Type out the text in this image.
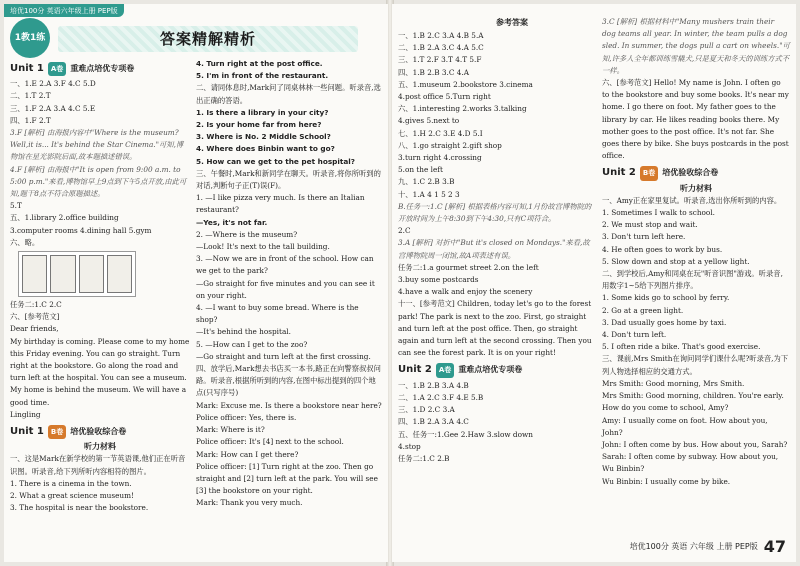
培优100分 英语六年级上册 PEP版
1教1练	答案精解精析
Unit 1	A卷 重难点培优专项卷

一、1.E 2.A 3.F 4.C 5.D

二、1.T 2.T

三、1.F 2.A 3.A 4.C 5.E

四、1.F 2.T

3.F [解析] 由海报内容中"Where is the museum?

Well,it is... It's behind the Star Cinema."可知,博物馆在星光影院后面,故本题描述错误。

4.F [解析] 由海报中"It is open from 9:00 a.m. to 5:00 p.m."来看,博物馆早上9点到下午5点开放,由此可知,题干8点不符合原题描述。

5.T

五、1.library 2.office building

3.computer rooms 4.dining hall 5.gym

六、略。

任务二:1.C 2.C

六、[参考范文]

Dear friends,

My birthday is coming. Please come to my home this Friday evening. You can go straight. Turn right at the bookstore. Go along the road and turn left at the hospital. You can see a museum. My home is behind the museum. We will have a good time.

Lingling

Unit 1	B卷 培优验收综合卷
听力材料

一、这是Mark在新学校的第一节英语课,他们正在听音识图。听录音,给下列所听内容相符的图片。

1. There is a cinema in the town.

2. What a great science museum!

3. The hospital is near the bookstore.

4. Turn right at the post office.

5. I'm in front of the restaurant.

二、请同体息时,Mark问了同桌林林一些问题。听录音,选出正确的答语。

1. Is there a library in your city?

2. Is your home far from here?

3. Where is No. 2 Middle School?

4. Where does Binbin want to go?

5. How can we get to the pet hospital?

三、午餐时,Mark和新同学在聊天。听录音,将你所听到的对话,判断句子正(T)误(F)。

1. —I like pizza very much. Is there an Italian restaurant?

—Yes, it's not far.

2. —Where is the museum?

—Look! It's next to the tall building.

3. —Now we are in front of the school. How can we get to the park?

—Go straight for five minutes and you can see it on your right.

4. —I want to buy some bread. Where is the shop?

—It's behind the hospital.

5. —How can I get to the zoo?

—Go straight and turn left at the first crossing.

四、放学后,Mark想去书店买一本书,路正在向警察叔叔问路。听录音,根据所听到的内容,在图中标出提到的四个地点(只写序号)

Mark: Excuse me. Is there a bookstore near here?

Police officer: Yes, there is.

Mark: Where is it?

Police officer: It's [4] next to the school.

Mark: How can I get there?

Police officer: [1] Turn right at the zoo. Then go straight and [2] turn left at the park. You will see [3] the bookstore on your right.

Mark: Thank you very much.

参考答案

一、1.B 2.C 3.A 4.B 5.A

二、1.B 2.A 3.C 4.A 5.C

三、1.T 2.F 3.T 4.T 5.F

四、1.B 2.B 3.C 4.A

五、1.museum 2.bookstore 3.cinema

4.post office 5.Turn right

六、1.interesting 2.works 3.talking

4.gives 5.next to

七、1.H 2.C 3.E 4.D 5.I

八、1.go straight 2.gift shop

3.turn right 4.crossing

5.on the left

九、1.C 2.B 3.B

十、1.A 4 1 5 2 3

B.任务一:1.C [解析] 根据表格内容可知,1月份故宫博物院的开放时间为上午8:30到下午4:30,只有C项符合。

2.C

3.A [解析] 对折中"But it's closed on Mondays."来看,故宫博物院周一闭馆,故A项表述有误。

任务二:1.a gourmet street 2.on the left

3.buy some postcards

4.have a walk and enjoy the scenery

十一、[参考范文] Children, today let's go to the forest park! The park is next to the zoo. First, go straight and turn left at the post office. Then, go straight again and turn left at the second crossing. Then you can see the forest park. It is on your right!

Unit 2	A卷 重难点培优专项卷

一、1.B 2.B 3.A 4.B

二、1.A 2.C 3.F 4.E 5.B

三、1.D 2.C 3.A

四、1.B 2.A 3.A 4.C

五、任务一:1.Gee 2.Haw 3.slow down

4.stop

任务二:1.C 2.B

3.C [解析] 根据材料中"Many mushers train their dog teams all year. In winter, the team pulls a dog sled. In summer, the dogs pull a cart on wheels."可知,许多人全年都训练雪橇犬,只是夏天和冬天的训练方式不一样。

六、[参考范文] Hello! My name is John. I often go to the bookstore and buy some books. It's near my home. I go there on foot. My father goes to the library by car. He likes reading books there. My mother goes to the post office. It's not far. She goes there by bike. She buys postcards in the post office.

Unit 2	B卷 培优验收综合卷
听力材料

一、Amy正在家里复试。听录音,选出你所听到的内容。

1. Sometimes I walk to school.

2. We must stop and wait.

3. Don't turn left here.

4. He often goes to work by bus.

5. Slow down and stop at a yellow light.

二、到学校后,Amy和同桌在玩"听音识图"游戏。听录音,用数字1~5给下列图片排序。

1. Some kids go to school by ferry.

2. Go at a green light.

3. Dad usually goes home by taxi.

4. Don't turn left.

5. I often ride a bike. That's good exercise.

三、课前,Mrs Smith在询问同学们课什么呢?听录音,为下列人物选择相应的交通方式。

Mrs Smith: Good morning, Mrs Smith.

Mrs Smith: Good morning, children. You're early. How do you come to school, Amy?

Amy: I usually come on foot. How about you, John?

John: I often come by bus. How about you, Sarah?

Sarah: I often come by subway. How about you, Wu Binbin?

Wu Binbin: I usually come by bike.

培优100分 英语 六年级 上册 PEP版 47
